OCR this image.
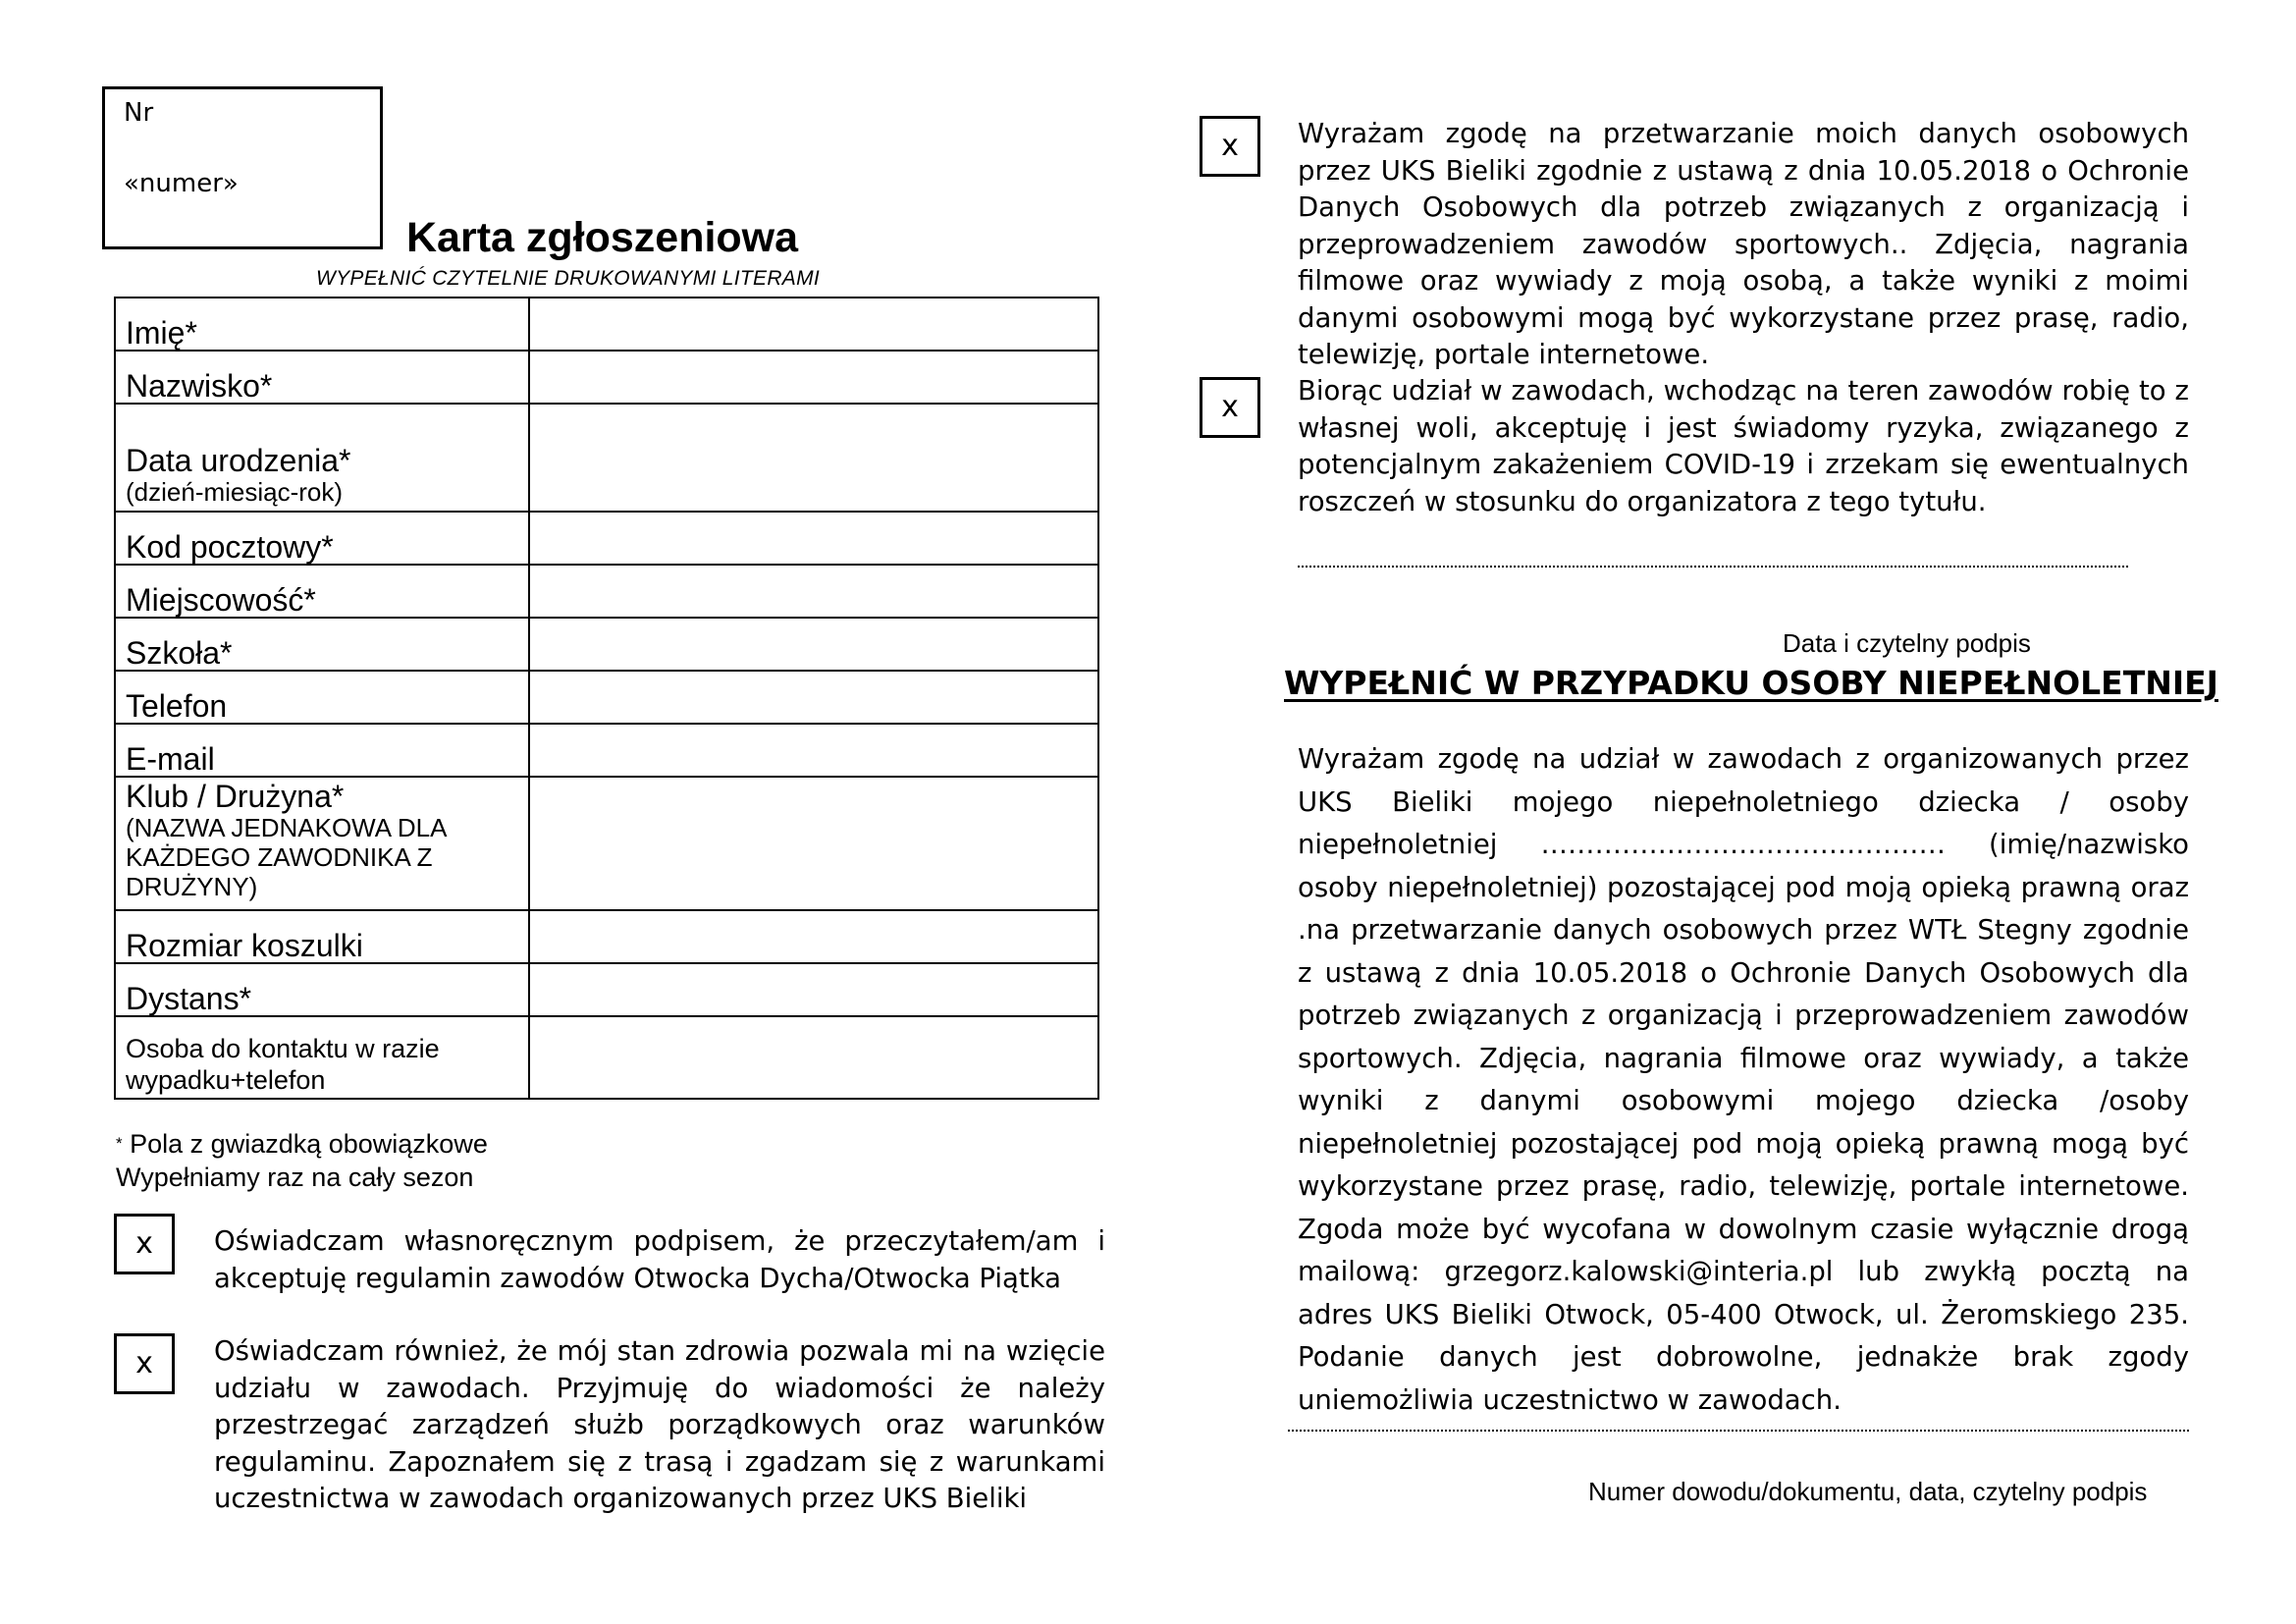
Nr
«numer»
Karta zgłoszeniowa
WYPEŁNIĆ CZYTELNIE DRUKOWANYMI LITERAMI
Imię*	
Nazwisko*	
Data urodzenia*
(dzień-miesiąc-rok)	

Kod pocztowy*	
Miejscowość*	
Szkoła*	
Telefon	
E-mail	
Klub / Drużyna*
(NAZWA JEDNAKOWA DLA KAŻDEGO ZAWODNIKA Z DRUŻYNY)	

Rozmiar koszulki	
Dystans*	
Osoba do kontaktu w razie wypadku+telefon	
* Pola z gwiazdką obowiązkowe
Wypełniamy raz na cały sezon
x	Oświadczam własnoręcznym podpisem, że przeczytałem/am i akceptuję regulamin zawodów Otwocka Dycha/Otwocka Piątka
x	Oświadczam również, że mój stan zdrowia pozwala mi na wzięcie udziału w zawodach. Przyjmuję do wiadomości że należy przestrzegać zarządzeń służb porządkowych oraz warunków regulaminu. Zapoznałem się z trasą i zgadzam się z warunkami uczestnictwa w zawodach organizowanych przez UKS Bieliki
x	Wyrażam zgodę na przetwarzanie moich danych osobowych przez UKS Bieliki zgodnie z ustawą z dnia 10.05.2018 o Ochronie Danych Osobowych dla potrzeb związanych z organizacją i przeprowadzeniem zawodów sportowych.. Zdjęcia, nagrania filmowe oraz wywiady z moją osobą, a także wyniki z moimi danymi osobowymi mogą być wykorzystane przez prasę, radio, telewizję, portale internetowe.
x	Biorąc udział w zawodach, wchodząc na teren zawodów robię to z własnej woli, akceptuję i jest świadomy ryzyka, związanego z potencjalnym zakażeniem COVID-19 i zrzekam się ewentualnych roszczeń w stosunku do organizatora z tego tytułu.
Data i czytelny podpis
WYPEŁNIĆ W PRZYPADKU OSOBY NIEPEŁNOLETNIEJ
Wyrażam zgodę na udział w zawodach z organizowanych przez UKS Bieliki mojego niepełnoletniego dziecka / osoby niepełnoletniej ……………………………………… (imię/nazwisko osoby niepełnoletniej) pozostającej pod moją opieką prawną oraz .na przetwarzanie danych osobowych przez WTŁ Stegny zgodnie z ustawą z dnia 10.05.2018 o Ochronie Danych Osobowych dla potrzeb związanych z organizacją i przeprowadzeniem zawodów sportowych. Zdjęcia, nagrania filmowe oraz wywiady, a także wyniki z danymi osobowymi mojego dziecka /osoby niepełnoletniej pozostającej pod moją opieką prawną mogą być wykorzystane przez prasę, radio, telewizję, portale internetowe. Zgoda może być wycofana w dowolnym czasie wyłącznie drogą mailową: grzegorz.kalowski@interia.pl lub zwykłą pocztą na adres UKS Bieliki Otwock, 05-400 Otwock, ul. Żeromskiego 235. Podanie danych jest dobrowolne, jednakże brak zgody uniemożliwia uczestnictwo w zawodach.
Numer dowodu/dokumentu, data, czytelny podpis
